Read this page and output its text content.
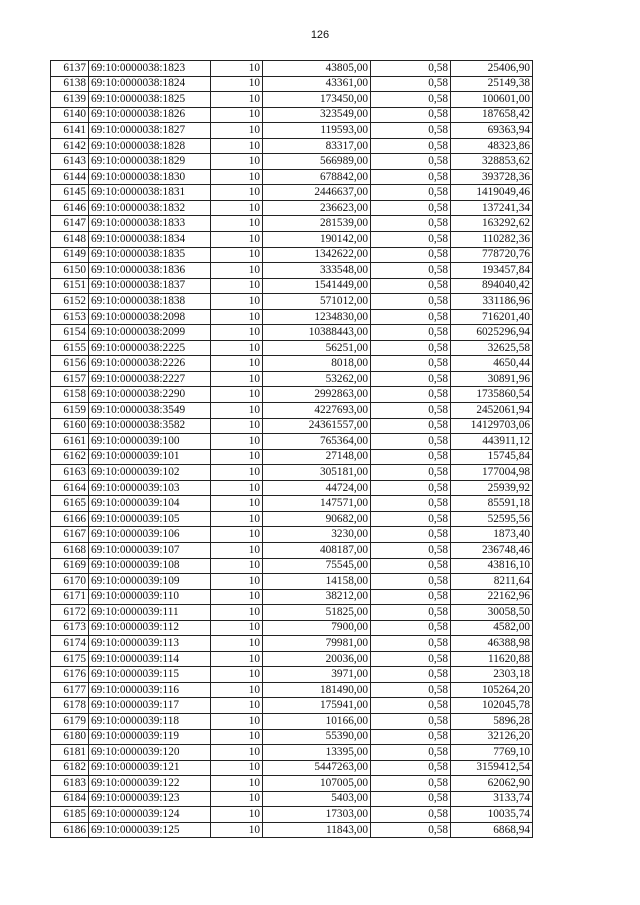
126
6137	69:10:0000038:1823	10	43805,00	0,58	25406,90
6138	69:10:0000038:1824	10	43361,00	0,58	25149,38
6139	69:10:0000038:1825	10	173450,00	0,58	100601,00
6140	69:10:0000038:1826	10	323549,00	0,58	187658,42
6141	69:10:0000038:1827	10	119593,00	0,58	69363,94
6142	69:10:0000038:1828	10	83317,00	0,58	48323,86
6143	69:10:0000038:1829	10	566989,00	0,58	328853,62
6144	69:10:0000038:1830	10	678842,00	0,58	393728,36
6145	69:10:0000038:1831	10	2446637,00	0,58	1419049,46
6146	69:10:0000038:1832	10	236623,00	0,58	137241,34
6147	69:10:0000038:1833	10	281539,00	0,58	163292,62
6148	69:10:0000038:1834	10	190142,00	0,58	110282,36
6149	69:10:0000038:1835	10	1342622,00	0,58	778720,76
6150	69:10:0000038:1836	10	333548,00	0,58	193457,84
6151	69:10:0000038:1837	10	1541449,00	0,58	894040,42
6152	69:10:0000038:1838	10	571012,00	0,58	331186,96
6153	69:10:0000038:2098	10	1234830,00	0,58	716201,40
6154	69:10:0000038:2099	10	10388443,00	0,58	6025296,94
6155	69:10:0000038:2225	10	56251,00	0,58	32625,58
6156	69:10:0000038:2226	10	8018,00	0,58	4650,44
6157	69:10:0000038:2227	10	53262,00	0,58	30891,96
6158	69:10:0000038:2290	10	2992863,00	0,58	1735860,54
6159	69:10:0000038:3549	10	4227693,00	0,58	2452061,94
6160	69:10:0000038:3582	10	24361557,00	0,58	14129703,06
6161	69:10:0000039:100	10	765364,00	0,58	443911,12
6162	69:10:0000039:101	10	27148,00	0,58	15745,84
6163	69:10:0000039:102	10	305181,00	0,58	177004,98
6164	69:10:0000039:103	10	44724,00	0,58	25939,92
6165	69:10:0000039:104	10	147571,00	0,58	85591,18
6166	69:10:0000039:105	10	90682,00	0,58	52595,56
6167	69:10:0000039:106	10	3230,00	0,58	1873,40
6168	69:10:0000039:107	10	408187,00	0,58	236748,46
6169	69:10:0000039:108	10	75545,00	0,58	43816,10
6170	69:10:0000039:109	10	14158,00	0,58	8211,64
6171	69:10:0000039:110	10	38212,00	0,58	22162,96
6172	69:10:0000039:111	10	51825,00	0,58	30058,50
6173	69:10:0000039:112	10	7900,00	0,58	4582,00
6174	69:10:0000039:113	10	79981,00	0,58	46388,98
6175	69:10:0000039:114	10	20036,00	0,58	11620,88
6176	69:10:0000039:115	10	3971,00	0,58	2303,18
6177	69:10:0000039:116	10	181490,00	0,58	105264,20
6178	69:10:0000039:117	10	175941,00	0,58	102045,78
6179	69:10:0000039:118	10	10166,00	0,58	5896,28
6180	69:10:0000039:119	10	55390,00	0,58	32126,20
6181	69:10:0000039:120	10	13395,00	0,58	7769,10
6182	69:10:0000039:121	10	5447263,00	0,58	3159412,54
6183	69:10:0000039:122	10	107005,00	0,58	62062,90
6184	69:10:0000039:123	10	5403,00	0,58	3133,74
6185	69:10:0000039:124	10	17303,00	0,58	10035,74
6186	69:10:0000039:125	10	11843,00	0,58	6868,94
